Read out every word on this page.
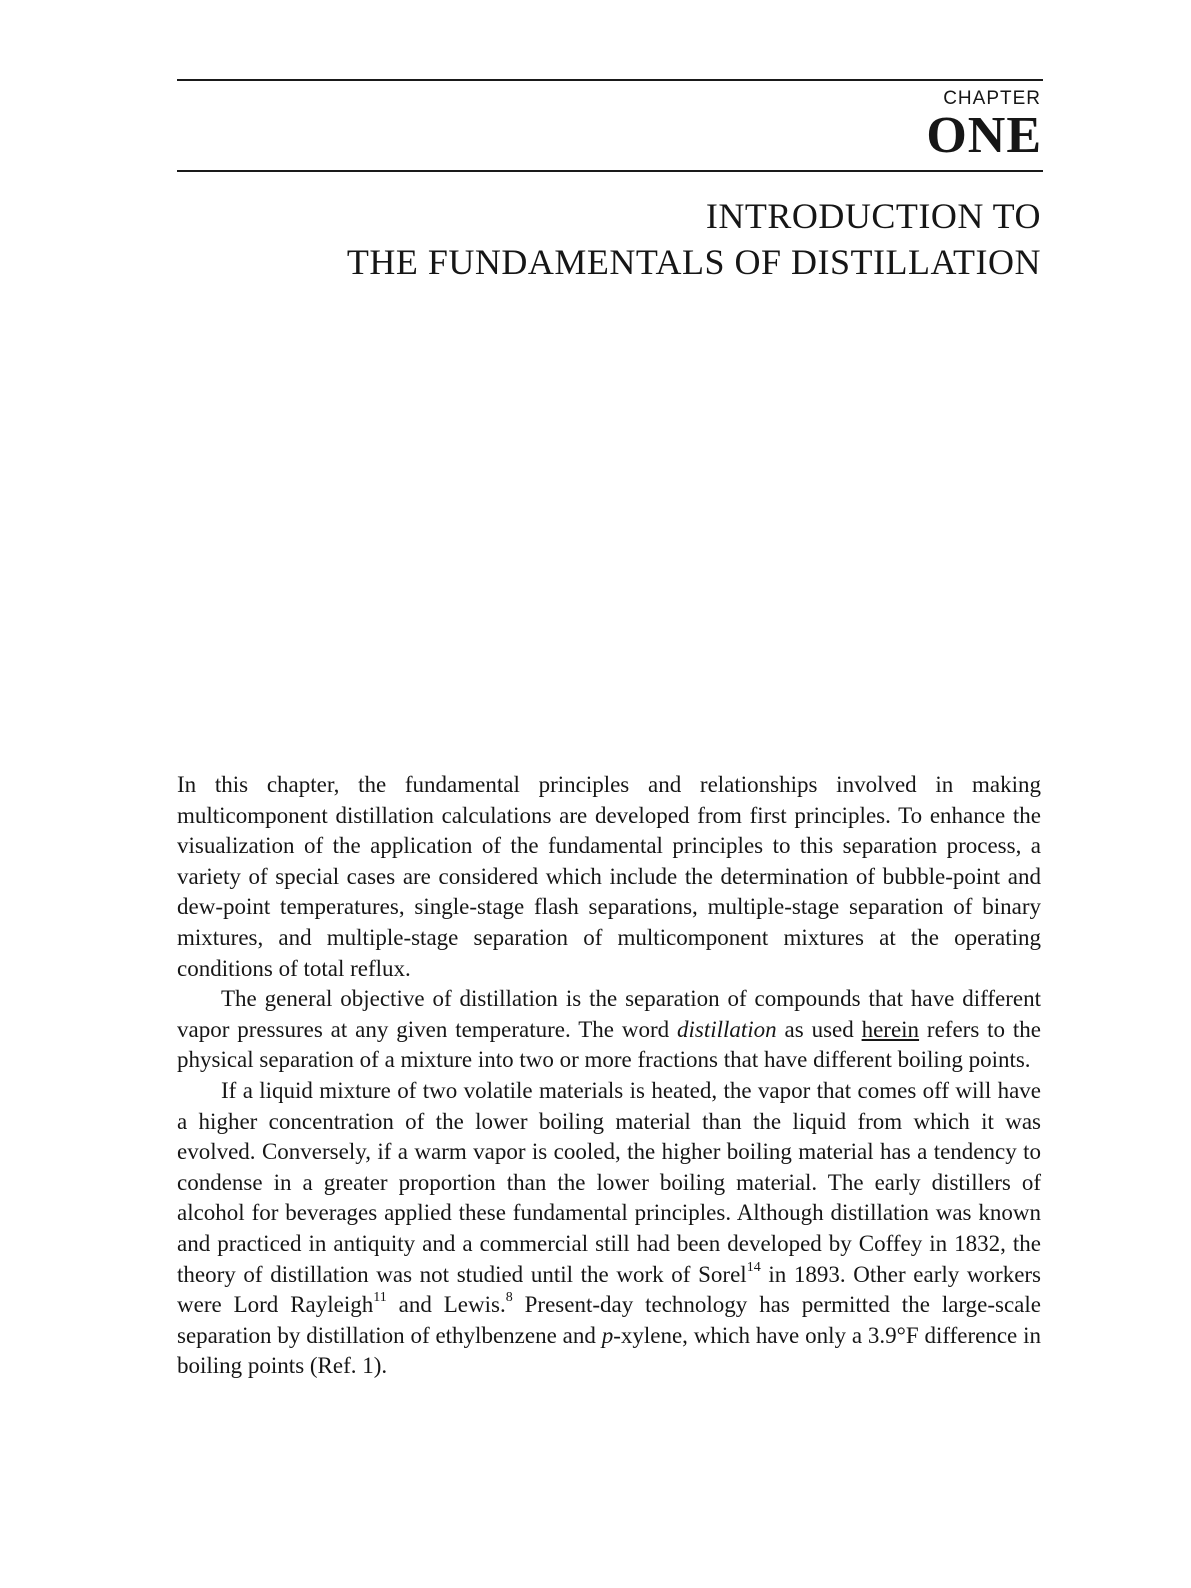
CHAPTER
ONE
INTRODUCTION TO
THE FUNDAMENTALS OF DISTILLATION

In this chapter, the fundamental principles and relationships involved in making multicomponent distillation calculations are developed from first principles. To enhance the visualization of the application of the fundamental principles to this separation process, a variety of special cases are considered which include the determination of bubble-point and dew-point temperatures, single-stage flash separations, multiple-stage separation of binary mixtures, and multiple-stage separation of multicomponent mixtures at the operating conditions of total reflux.

The general objective of distillation is the separation of compounds that have different vapor pressures at any given temperature. The word distillation as used herein refers to the physical separation of a mixture into two or more fractions that have different boiling points.

If a liquid mixture of two volatile materials is heated, the vapor that comes off will have a higher concentration of the lower boiling material than the liquid from which it was evolved. Conversely, if a warm vapor is cooled, the higher boiling material has a tendency to condense in a greater proportion than the lower boiling material. The early distillers of alcohol for beverages applied these fundamental principles. Although distillation was known and practiced in antiquity and a commercial still had been developed by Coffey in 1832, the theory of distillation was not studied until the work of Sorel$^{14}$ in 1893. Other early workers were Lord Rayleigh$^{11}$ and Lewis.$^8$ Present-day technology has permitted the large-scale separation by distillation of ethylbenzene and p-xylene, which have only a 3.9°F difference in boiling points (Ref. 1).
